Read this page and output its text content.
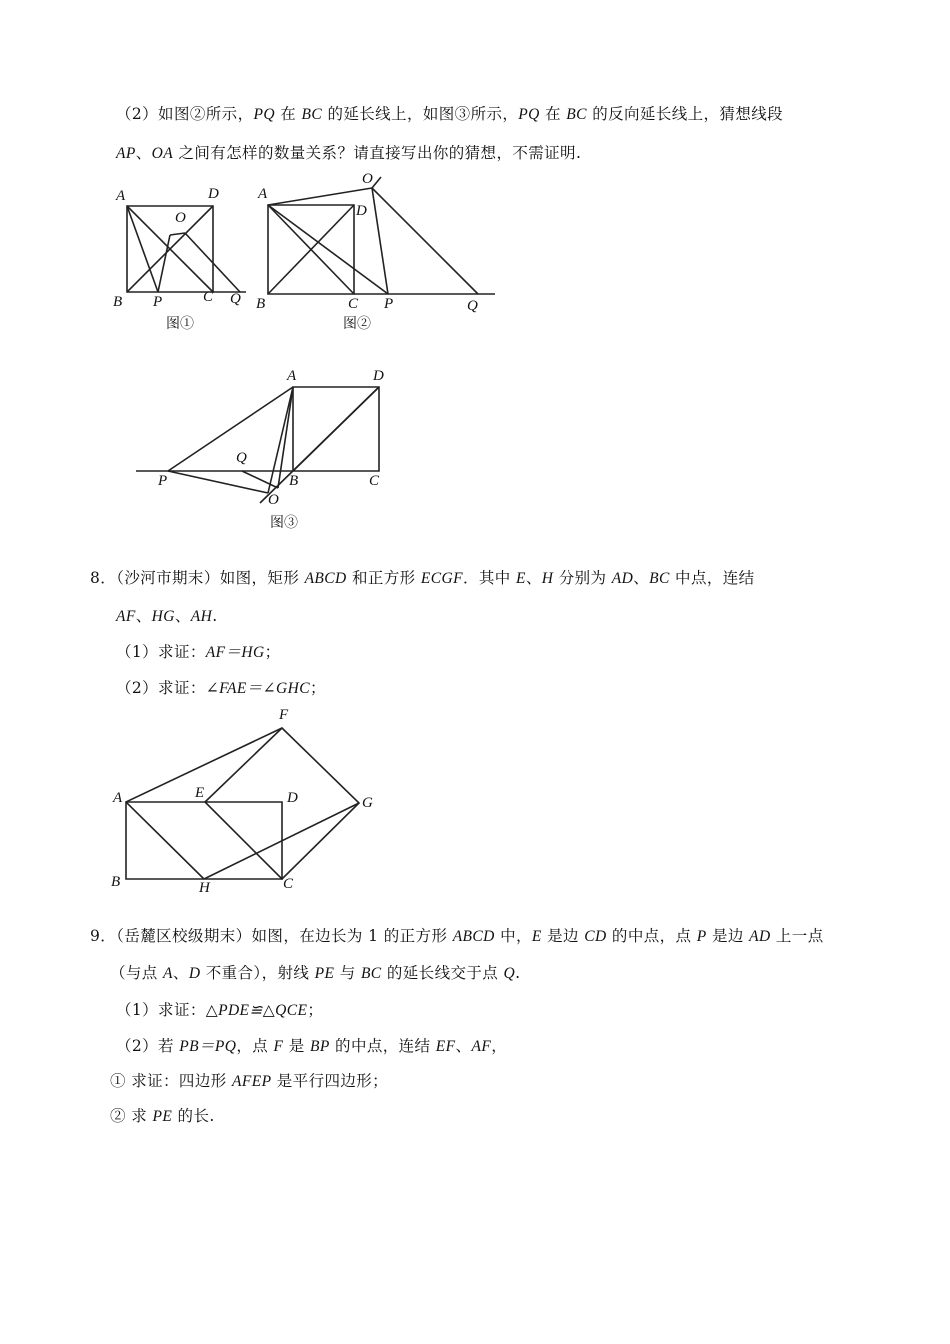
（2）如图②所示，PQ 在 BC 的延长线上，如图③所示，PQ 在 BC 的反向延长线上，猜想线段
AP、OA 之间有怎样的数量关系？请直接写出你的猜想，不需证明.
A	D
O
B P	C Q
图①
A
O
D
B	C P	Q
图②
A	D
Q
P
O
B	C
图③
8．（沙河市期末）如图，矩形 ABCD 和正方形 ECGF．其中 E、H 分别为 AD、BC 中点，连结
AF、HG、AH.
（1）求证：AF＝HG；
（2）求证：∠FAE＝∠GHC；
F
A	E	D	G
B	H	C
9．（岳麓区校级期末）如图，在边长为 1 的正方形 ABCD 中，E 是边 CD 的中点，点 P 是边 AD 上一点
（与点 A、D 不重合），射线 PE 与 BC 的延长线交于点 Q.
（1）求证：△PDE≌△QCE；
（2）若 PB＝PQ，点 F 是 BP 的中点，连结 EF、AF，
① 求证：四边形 AFEP 是平行四边形；
② 求 PE 的长.
